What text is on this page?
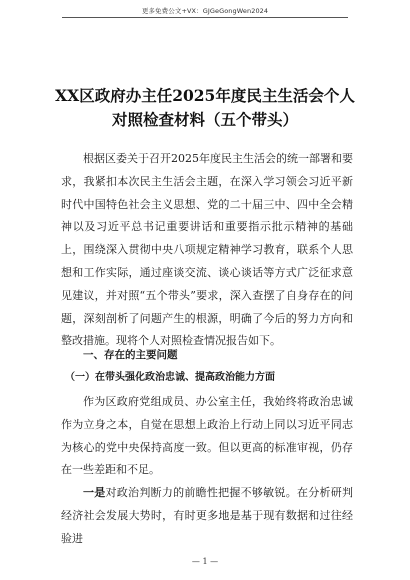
更多免费公文+VX：GJGeGongWen2024
XX区政府办主任2025年度民主生活会个人对照检查材料（五个带头）

根据区委关于召开2025年度民主生活会的统一部署和要求，我紧扣本次民主生活会主题，在深入学习领会习近平新时代中国特色社会主义思想、党的二十届三中、四中全会精神以及习近平总书记重要讲话和重要指示批示精神的基础上，围绕深入贯彻中央八项规定精神学习教育，联系个人思想和工作实际，通过座谈交流、谈心谈话等方式广泛征求意见建议，并对照“五个带头”要求，深入查摆了自身存在的问题，深刻剖析了问题产生的根源，明确了今后的努力方向和整改措施。现将个人对照检查情况报告如下。

一、存在的主要问题
（一）在带头强化政治忠诚、提高政治能力方面

作为区政府党组成员、办公室主任，我始终将政治忠诚作为立身之本，自觉在思想上政治上行动上同以习近平同志为核心的党中央保持高度一致。但以更高的标准审视，仍存在一些差距和不足。

一是对政治判断力的前瞻性把握不够敏锐。在分析研判经济社会发展大势时，有时更多地是基于现有数据和过往经验进

— 1 —
